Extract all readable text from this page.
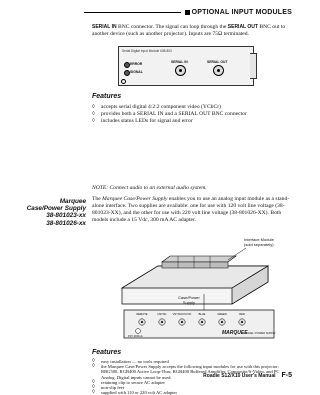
OPTIONAL INPUT MODULES
SERIAL IN BNC connector. The signal can loop through the SERIAL OUT BNC out to another device (such as another projector). Inputs are 75Ω terminated.
Serial Digital Input Module #38-803
ERROR
SIGNAL
SERIAL IN	SERIAL OUT
Features
◊ accepts serial digital 4:2:2 component video (YCbCr)
◊ provides both a SERIAL IN and a SERIAL OUT BNC connector
◊ includes status LEDs for signal and error
NOTE: Connect audio to an external audio system.
Marquee
Case/Power Supply
38-801023-xx
38-801026-xx
The Marquee Case/Power Supply enables you to use an analog input module as a stand-alone interface. Two supplies are available: one for use with 120 volt line voltage (38-801023-XX), and the other for use with 220 volt line voltage (38-801026-XX). Both models include a 15 Vdc, 300 mA AC adapter.
REMOTE	HSYNC VSYNC/CSYNC	BLUE	GREEN	RED
Interface Module
(sold separately)
Case/Power
Supply
15V 300mA	MARQUEE
CASE / POWER SUPPLY
Features
◊ easy installation — no tools required
◊ the Marquee Case/Power Supply accepts the following input modules for use with this projector: RBG500, RGB400 Active Loop-Thru, RGB400 Buffered Amplifier, Composite/S-Video, and PC Analog. Digital inputs cannot be used.
◊ retaining clip to secure AC adapter
◊ non-slip feet
◊ supplied with 110 or 220 volt AC adapter
Roadie S12/X10 User's Manual F-5
